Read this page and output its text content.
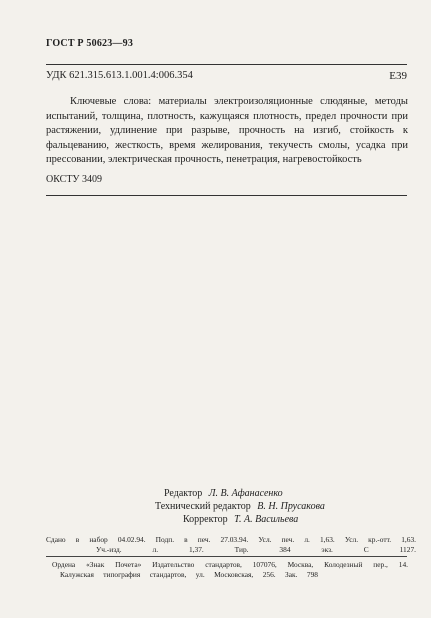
ГОСТ Р 50623—93
УДК 621.315.613.1.001.4:006.354	Е39
Ключевые слова: материалы электроизоляционные слюдяные, методы испытаний, толщина, плотность, кажущаяся плотность, предел прочности при растяжении, удлинение при разрыве, прочность на изгиб, стойкость к фальцеванию, жесткость, время желирования, текучесть смолы, усадка при прессовании, электрическая прочность, пенетрация, нагревостойкость
ОКСТУ 3409
Редактор Л. В. Афанасенко
Технический редактор В. Н. Прусакова
Корректор Т. А. Васильева
Сдано в набор 04.02.94. Подп. в печ. 27.03.94. Усл. печ. л. 1,63. Усл. кр.-отт. 1,63.
Уч.-изд. л. 1,37. Тир. 384 экз. С 1127.
Ордена «Знак Почета» Издательство стандартов, 107076, Москва, Колодезный пер., 14.
Калужская типография стандартов, ул. Московская, 256. Зак. 798
